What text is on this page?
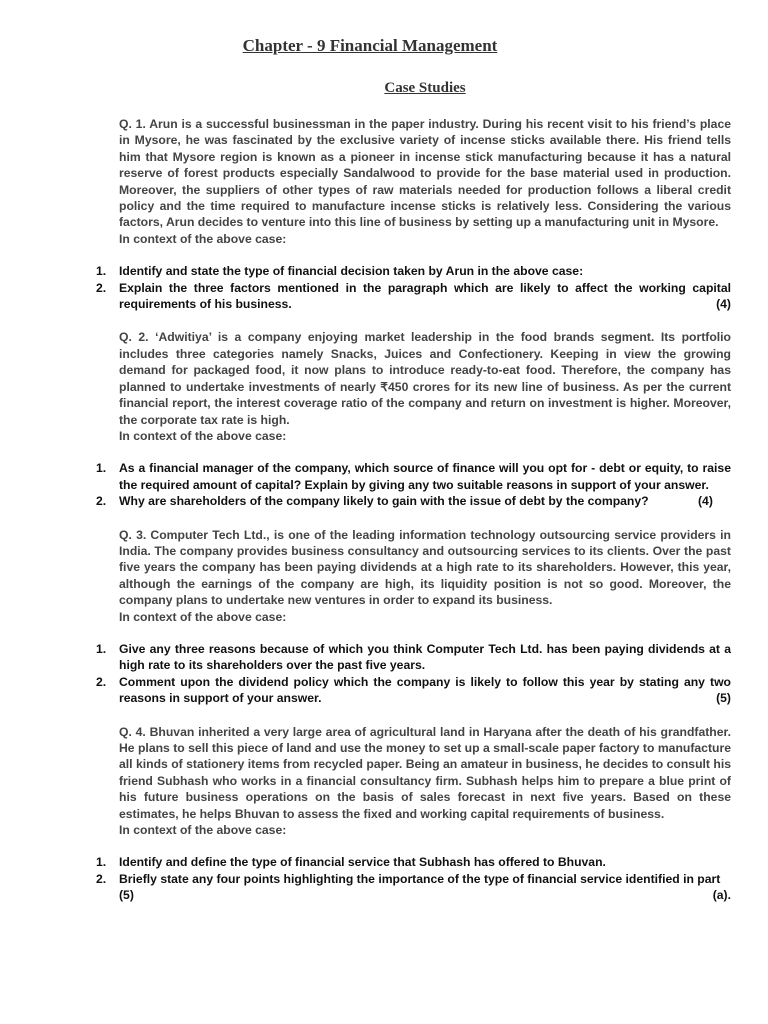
Chapter - 9 Financial Management
Case Studies

Q. 1. Arun is a successful businessman in the paper industry. During his recent visit to his friend’s place in Mysore, he was fascinated by the exclusive variety of incense sticks available there. His friend tells him that Mysore region is known as a pioneer in incense stick manufacturing because it has a natural reserve of forest products especially Sandalwood to provide for the base material used in production. Moreover, the suppliers of other types of raw materials needed for production follows a liberal credit policy and the time required to manufacture incense sticks is relatively less. Considering the various factors, Arun decides to venture into this line of business by setting up a manufacturing unit in Mysore.

In context of the above case:
1. Identify and state the type of financial decision taken by Arun in the above case:
2. Explain the three factors mentioned in the paragraph which are likely to affect the working capital requirements of his business.	(4)

Q. 2. ‘Adwitiya’ is a company enjoying market leadership in the food brands segment. Its portfolio includes three categories namely Snacks, Juices and Confectionery. Keeping in view the growing demand for packaged food, it now plans to introduce ready-to-eat food. Therefore, the company has planned to undertake investments of nearly ₹450 crores for its new line of business. As per the current financial report, the interest coverage ratio of the company and return on investment is higher. Moreover, the corporate tax rate is high.

In context of the above case:
1. As a financial manager of the company, which source of finance will you opt for - debt or equity, to raise the required amount of capital? Explain by giving any two suitable reasons in support of your answer.
2. Why are shareholders of the company likely to gain with the issue of debt by the company?	(4)

Q. 3. Computer Tech Ltd., is one of the leading information technology outsourcing service providers in India. The company provides business consultancy and outsourcing services to its clients. Over the past five years the company has been paying dividends at a high rate to its shareholders. However, this year, although the earnings of the company are high, its liquidity position is not so good. Moreover, the company plans to undertake new ventures in order to expand its business.

In context of the above case:
1. Give any three reasons because of which you think Computer Tech Ltd. has been paying dividends at a high rate to its shareholders over the past five years.
2. Comment upon the dividend policy which the company is likely to follow this year by stating any two reasons in support of your answer.	(5)

Q. 4. Bhuvan inherited a very large area of agricultural land in Haryana after the death of his grandfather. He plans to sell this piece of land and use the money to set up a small-scale paper factory to manufacture all kinds of stationery items from recycled paper. Being an amateur in business, he decides to consult his friend Subhash who works in a financial consultancy firm. Subhash helps him to prepare a blue print of his future business operations on the basis of sales forecast in next five years. Based on these estimates, he helps Bhuvan to assess the fixed and working capital requirements of business.

In context of the above case:
1. Identify and define the type of financial service that Subhash has offered to Bhuvan.
2. Briefly state any four points highlighting the importance of the type of financial service identified in part
(a).
(5)
